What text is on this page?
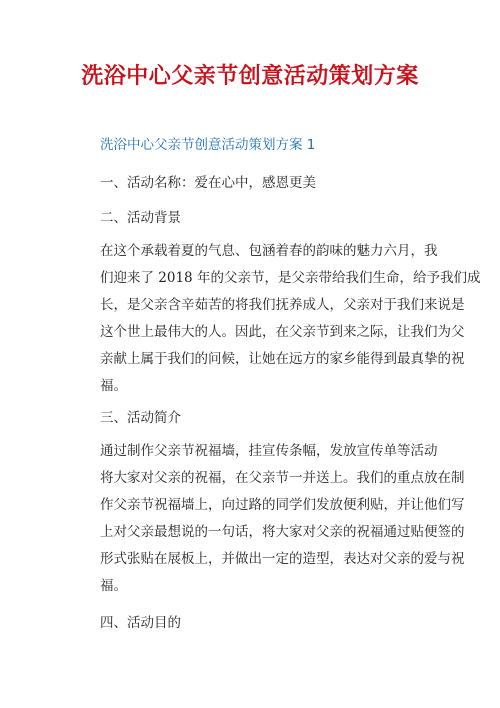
洗浴中心父亲节创意活动策划方案
洗浴中心父亲节创意活动策划方案 1
一、活动名称：爱在心中，感恩更美
二、活动背景
在这个承载着夏的气息、包涵着春的韵味的魅力六月，我
们迎来了 2018 年的父亲节，是父亲带给我们生命，给予我们成
长，是父亲含辛茹苦的将我们抚养成人，父亲对于我们来说是
这个世上最伟大的人。因此，在父亲节到来之际，让我们为父
亲献上属于我们的问候，让她在远方的家乡能得到最真挚的祝
福。
三、活动简介
通过制作父亲节祝福墙，挂宣传条幅，发放宣传单等活动
将大家对父亲的祝福，在父亲节一并送上。我们的重点放在制
作父亲节祝福墙上，向过路的同学们发放便利贴，并让他们写
上对父亲最想说的一句话，将大家对父亲的祝福通过贴便签的
形式张贴在展板上，并做出一定的造型，表达对父亲的爱与祝
福。
四、活动目的
